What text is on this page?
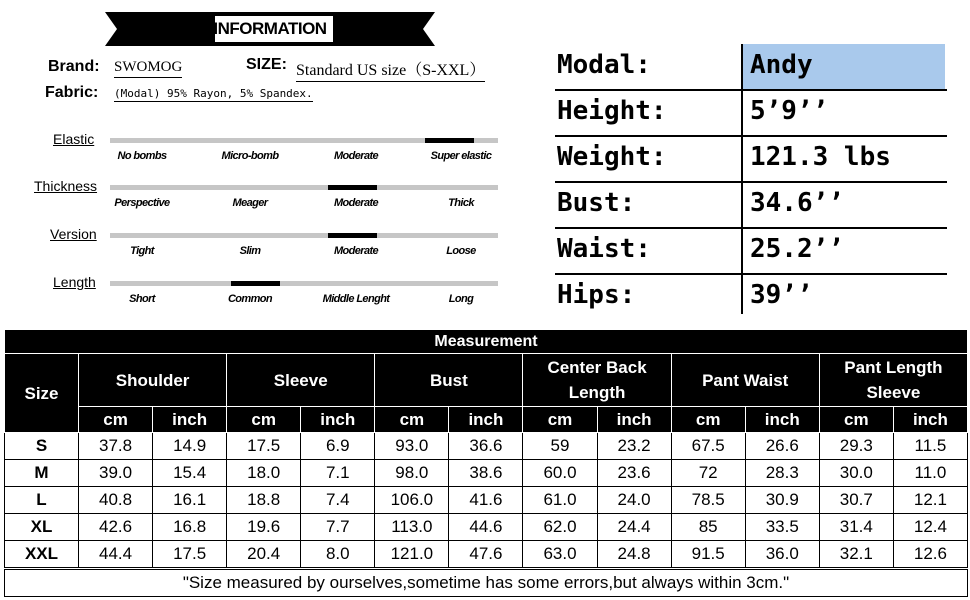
INFORMATION
Brand: SWOMOG	SIZE: Standard US size（S-XXL）
Fabric: (Modal) 95% Rayon, 5% Spandex.
Elastic
No bombs	Micro-bomb	Moderate	Super elastic
Thickness
Perspective	Meager	Moderate	Thick
Version
Tight	Slim	Moderate	Loose
Length
Short	Common	Middle Lenght	Long
Modal:	Andy
Height:	5’9’’
Weight:	121.3 lbs
Bust:	34.6’’
Waist:	25.2’’
Hips:	39’’
Measurement												
Size	Shoulder		Sleeve		Bust		Center Back Length		Pant Waist		Pant Length Sleeve	
	cm	inch	cm	inch	cm	inch	cm	inch	cm	inch	cm	inch
S	37.8	14.9	17.5	6.9	93.0	36.6	59	23.2	67.5	26.6	29.3	11.5
M	39.0	15.4	18.0	7.1	98.0	38.6	60.0	23.6	72	28.3	30.0	11.0
L	40.8	16.1	18.8	7.4	106.0	41.6	61.0	24.0	78.5	30.9	30.7	12.1
XL	42.6	16.8	19.6	7.7	113.0	44.6	62.0	24.4	85	33.5	31.4	12.4
XXL	44.4	17.5	20.4	8.0	121.0	47.6	63.0	24.8	91.5	36.0	32.1	12.6
"Size measured by ourselves,sometime has some errors,but always within 3cm."
